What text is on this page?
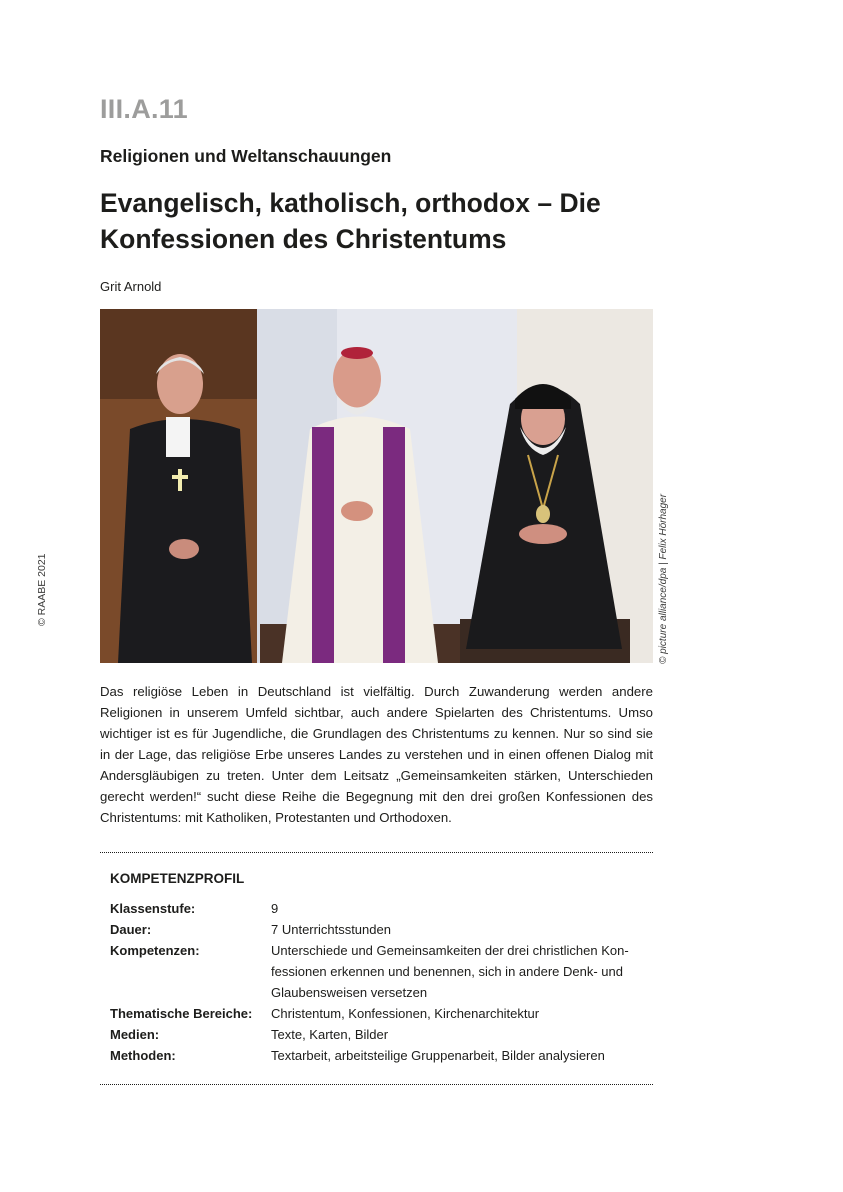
III.A.11
Religionen und Weltanschauungen
Evangelisch, katholisch, orthodox – Die Konfessionen des Christentums
Grit Arnold
© RAABE 2021	© picture alliance/dpa | Felix Hörhager

Das religiöse Leben in Deutschland ist vielfältig. Durch Zuwanderung werden andere Religionen in unserem Umfeld sichtbar, auch andere Spielarten des Christentums. Umso wichtiger ist es für Jugendliche, die Grundlagen des Christentums zu kennen. Nur so sind sie in der Lage, das religiöse Erbe unseres Landes zu verstehen und in einen offenen Dialog mit Andersgläubigen zu treten. Unter dem Leitsatz „Gemeinsamkeiten stärken, Unterschieden gerecht werden!“ sucht diese Reihe die Begegnung mit den drei großen Konfessionen des Christentums: mit Katholiken, Protestanten und Orthodoxen.

KOMPETENZPROFIL
Klassenstufe:	9
Dauer:	7 Unterrichtsstunden
Kompetenzen:	Unterschiede und Gemeinsamkeiten der drei christlichen Konfessionen erkennen und benennen, sich in andere Denk- und Glaubensweisen versetzen
Thematische Bereiche:	Christentum, Konfessionen, Kirchenarchitektur
Medien:	Texte, Karten, Bilder
Methoden:	Textarbeit, arbeitsteilige Gruppenarbeit, Bilder analysieren
